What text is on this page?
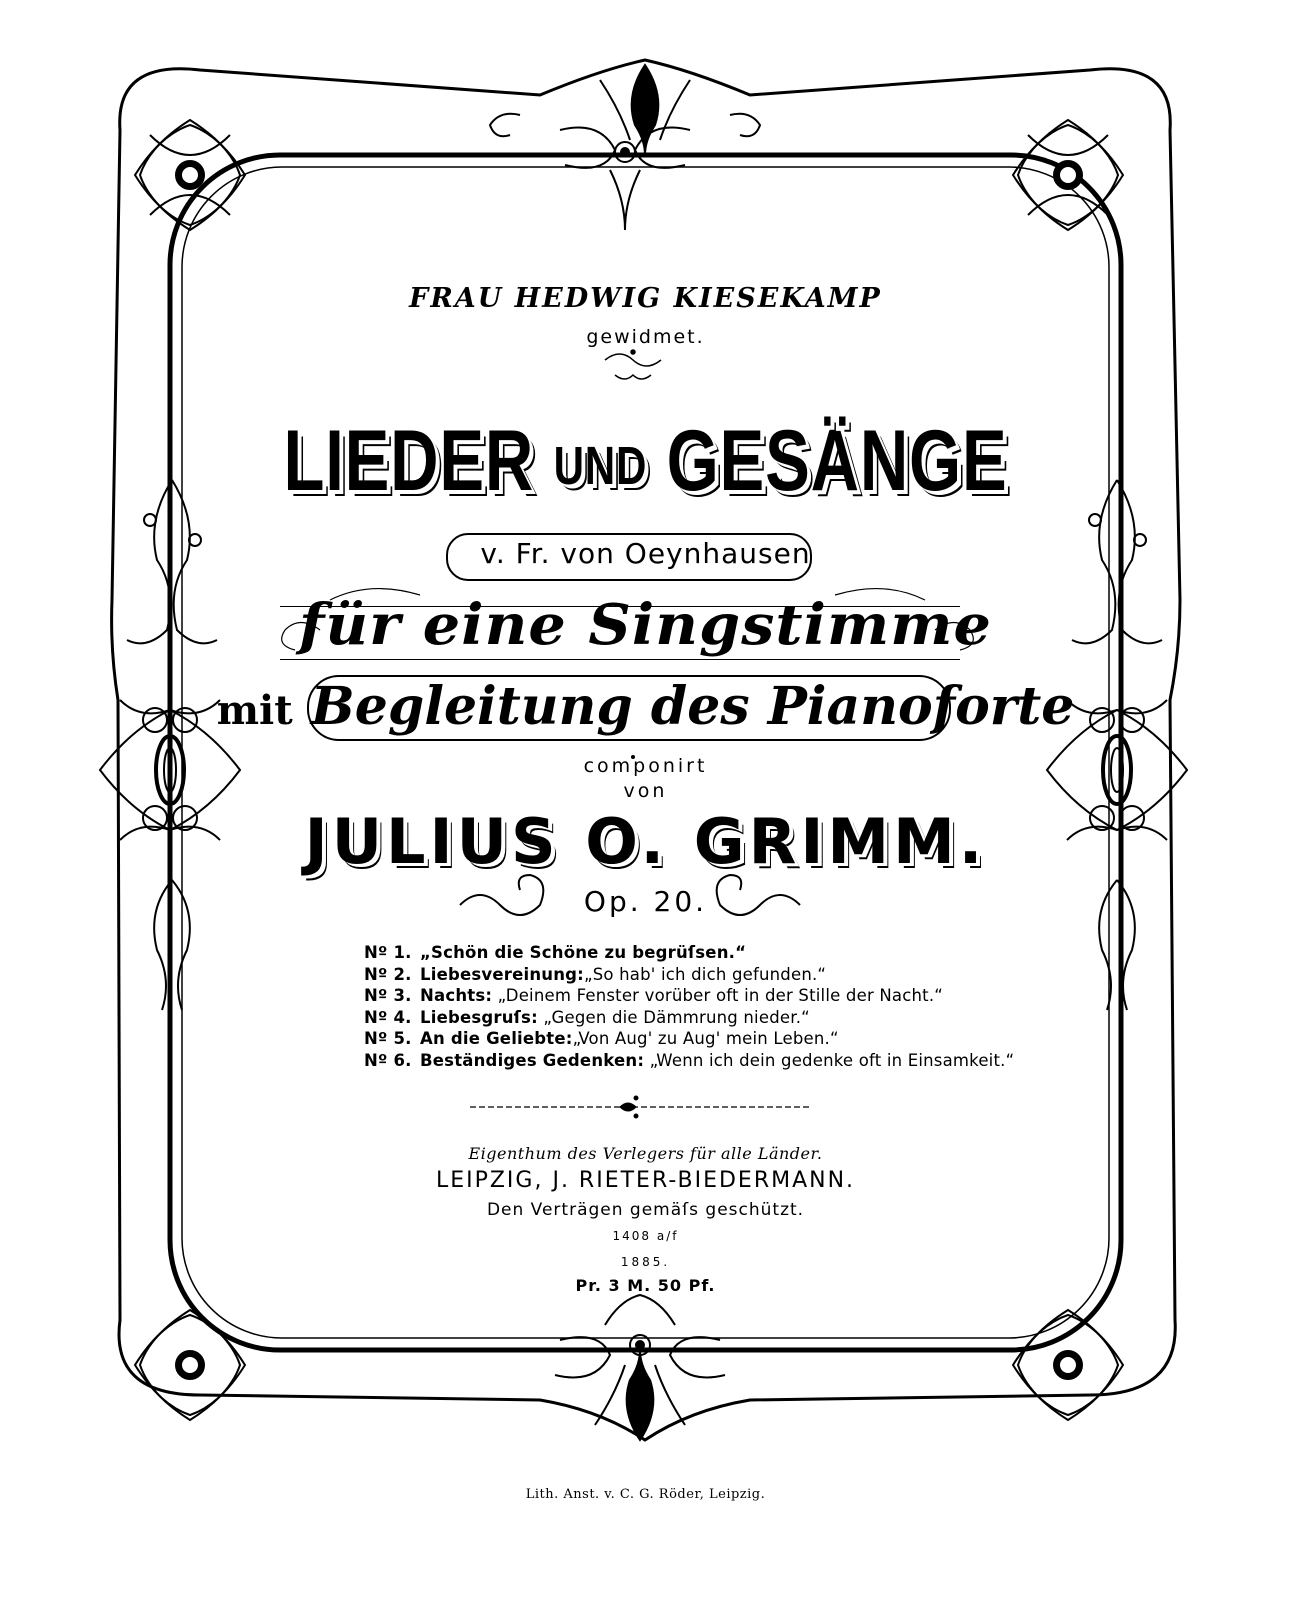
FRAU HEDWIG KIESEKAMP
gewidmet.
LIEDER UND GESÄNGE
v. Fr. von Oeynhausen
für eine Singstimme
mit Begleitung des Pianoforte
componirt
von
JULIUS O. GRIMM.
Op. 20.
Nº 1. „Schön die Schöne zu begrüſsen.“
Nº 2. Liebesvereinung:„So hab' ich dich gefunden.“
Nº 3. Nachts: „Deinem Fenster vorüber oft in der Stille der Nacht.“
Nº 4. Liebesgruſs: „Gegen die Dämmrung nieder.“
Nº 5. An die Geliebte:„Von Aug' zu Aug' mein Leben.“
Nº 6. Beständiges Gedenken: „Wenn ich dein gedenke oft in Einsamkeit.“
Eigenthum des Verlegers für alle Länder.
LEIPZIG, J. RIETER-BIEDERMANN.
Den Verträgen gemäſs geschützt.
1408 a/f
1885.
Pr. 3 M. 50 Pf.
Lith. Anst. v. C. G. Röder, Leipzig.
